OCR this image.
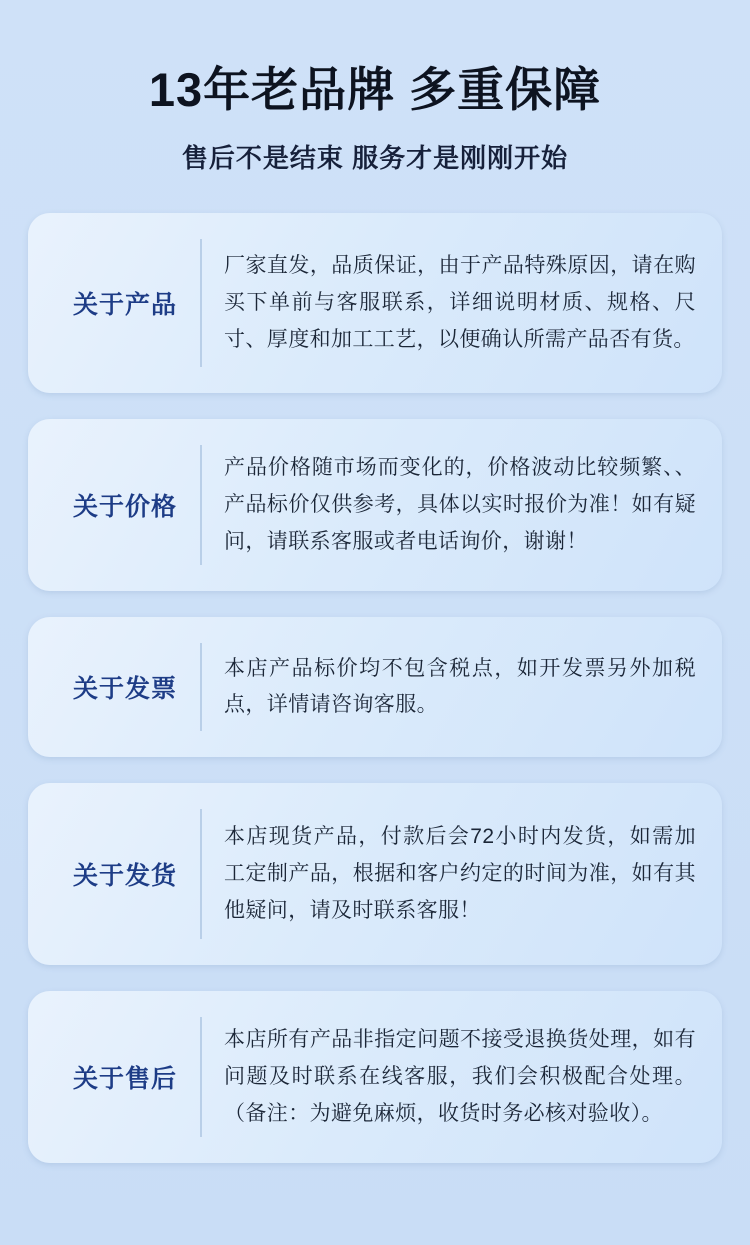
13年老品牌 多重保障
售后不是结束 服务才是刚刚开始
关于产品
厂家直发，品质保证，由于产品特殊原因，请在购买下单前与客服联系，详细说明材质、规格、尺寸、厚度和加工工艺，以便确认所需产品否有货。
关于价格
产品价格随市场而变化的，价格波动比较频繁、、产品标价仅供参考，具体以实时报价为准！如有疑问，请联系客服或者电话询价，谢谢！
关于发票
本店产品标价均不包含税点，如开发票另外加税点，详情请咨询客服。
关于发货
本店现货产品，付款后会72小时内发货，如需加工定制产品，根据和客户约定的时间为准，如有其他疑问，请及时联系客服！
关于售后
本店所有产品非指定问题不接受退换货处理，如有问题及时联系在线客服，我们会积极配合处理。（备注：为避免麻烦，收货时务必核对验收）。
